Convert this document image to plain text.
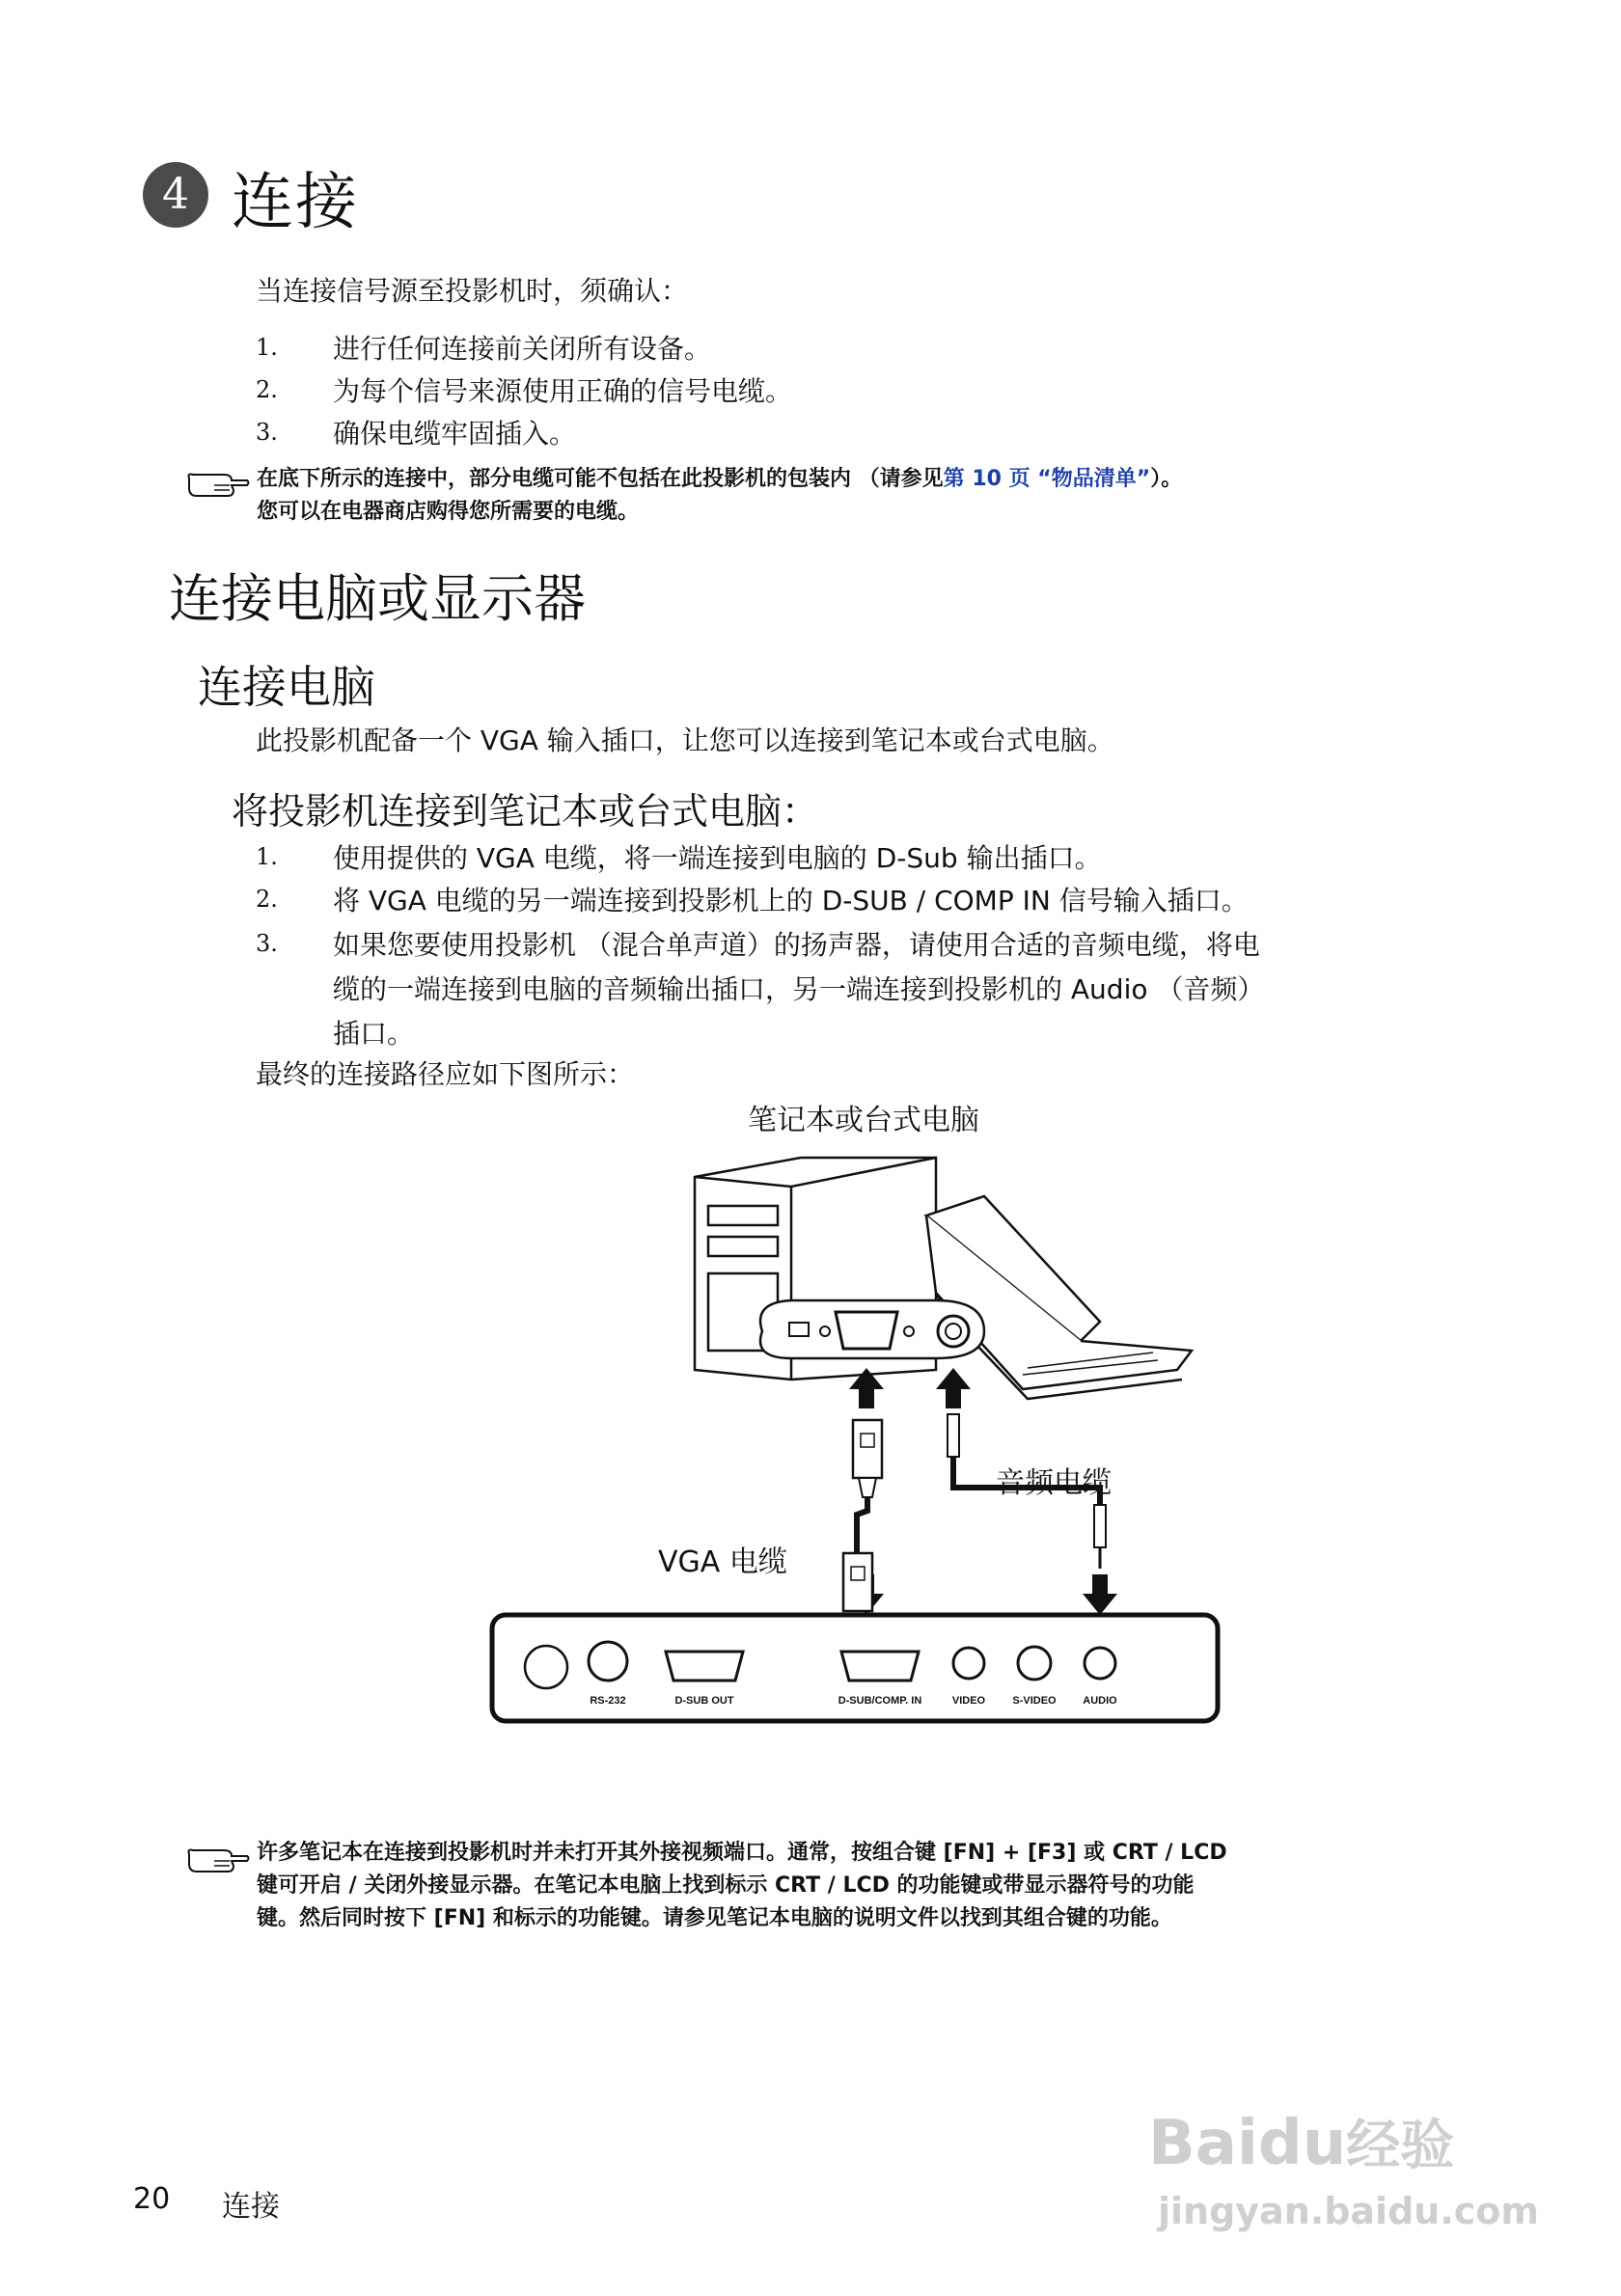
4 连接
当连接信号源至投影机时，须确认：
1.	进行任何连接前关闭所有设备。
2.	为每个信号来源使用正确的信号电缆。
3.	确保电缆牢固插入。
在底下所示的连接中，部分电缆可能不包括在此投影机的包装内 （请参见第 10 页 “物品清单”）。
您可以在电器商店购得您所需要的电缆。
连接电脑或显示器
连接电脑
此投影机配备一个 VGA 输入插口，让您可以连接到笔记本或台式电脑。
将投影机连接到笔记本或台式电脑：
1.	使用提供的 VGA 电缆，将一端连接到电脑的 D-Sub 输出插口。
2.	将 VGA 电缆的另一端连接到投影机上的 D-SUB / COMP IN 信号输入插口。
3.	如果您要使用投影机 （混合单声道）的扬声器，请使用合适的音频电缆，将电
缆的一端连接到电脑的音频输出插口，另一端连接到投影机的 Audio （音频）
插口。
最终的连接路径应如下图所示：
笔记本或台式电脑
音频电缆
VGA 电缆
RS-232	D-SUB OUT	D-SUB/COMP. IN	VIDEO	S-VIDEO	AUDIO
许多笔记本在连接到投影机时并未打开其外接视频端口。通常，按组合键 [FN] + [F3] 或 CRT / LCD
键可开启 / 关闭外接显示器。在笔记本电脑上找到标示 CRT / LCD 的功能键或带显示器符号的功能
键。然后同时按下 [FN] 和标示的功能键。请参见笔记本电脑的说明文件以找到其组合键的功能。
20 连接
Baidu经验
jingyan.baidu.com
